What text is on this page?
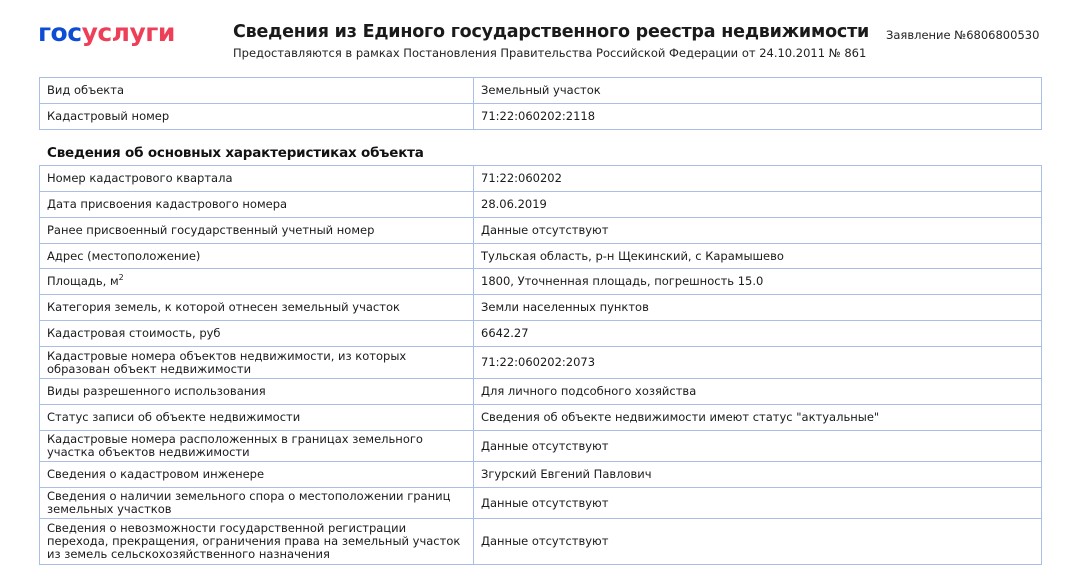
госуслуги	Сведения из Единого государственного реестра недвижимости
Предоставляются в рамках Постановления Правительства Российской Федерации от 24.10.2011 № 861
Заявление №6806800530
Вид объекта	Земельный участок
Кадастровый номер	71:22:060202:2118
Сведения об основных характеристиках объекта
Номер кадастрового квартала	71:22:060202
Дата присвоения кадастрового номера	28.06.2019
Ранее присвоенный государственный учетный номер	Данные отсутствуют
Адрес (местоположение)	Тульская область, р-н Щекинский, с Карамышево
Площадь, $м^2$	1800, Уточненная площадь, погрешность 15.0
Категория земель, к которой отнесен земельный участок	Земли населенных пунктов
Кадастровая стоимость, руб	6642.27
Кадастровые номера объектов недвижимости, из которых образован объект недвижимости	71:22:060202:2073
Виды разрешенного использования	Для личного подсобного хозяйства
Статус записи об объекте недвижимости	Сведения об объекте недвижимости имеют статус "актуальные"
Кадастровые номера расположенных в границах земельного участка объектов недвижимости	Данные отсутствуют
Сведения о кадастровом инженере	Згурский Евгений Павлович
Сведения о наличии земельного спора о местоположении границ земельных участков	Данные отсутствуют
Сведения о невозможности государственной регистрации перехода, прекращения, ограничения права на земельный участок из земель сельскохозяйственного назначения	Данные отсутствуют
